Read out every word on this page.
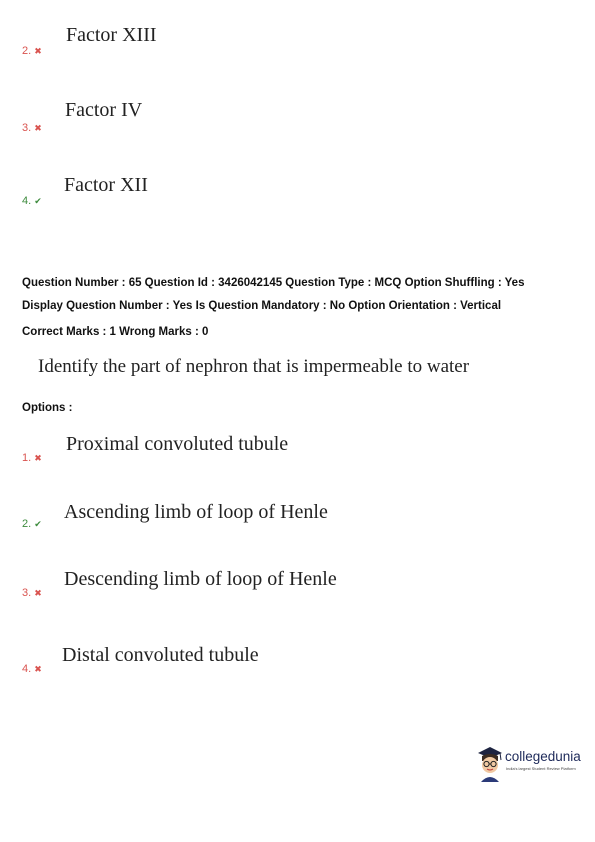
Factor XIII
2. ✖
Factor IV
3. ✖
Factor XII
4. ✔
Question Number : 65 Question Id : 3426042145 Question Type : MCQ Option Shuffling : Yes
Display Question Number : Yes Is Question Mandatory : No Option Orientation : Vertical
Correct Marks : 1 Wrong Marks : 0
Identify the part of nephron that is impermeable to water
Options :
Proximal convoluted tubule
1. ✖
Ascending limb of loop of Henle
2. ✔
Descending limb of loop of Henle
3. ✖
Distal convoluted tubule
4. ✖
collegedunia
India's largest Student Review Platform
